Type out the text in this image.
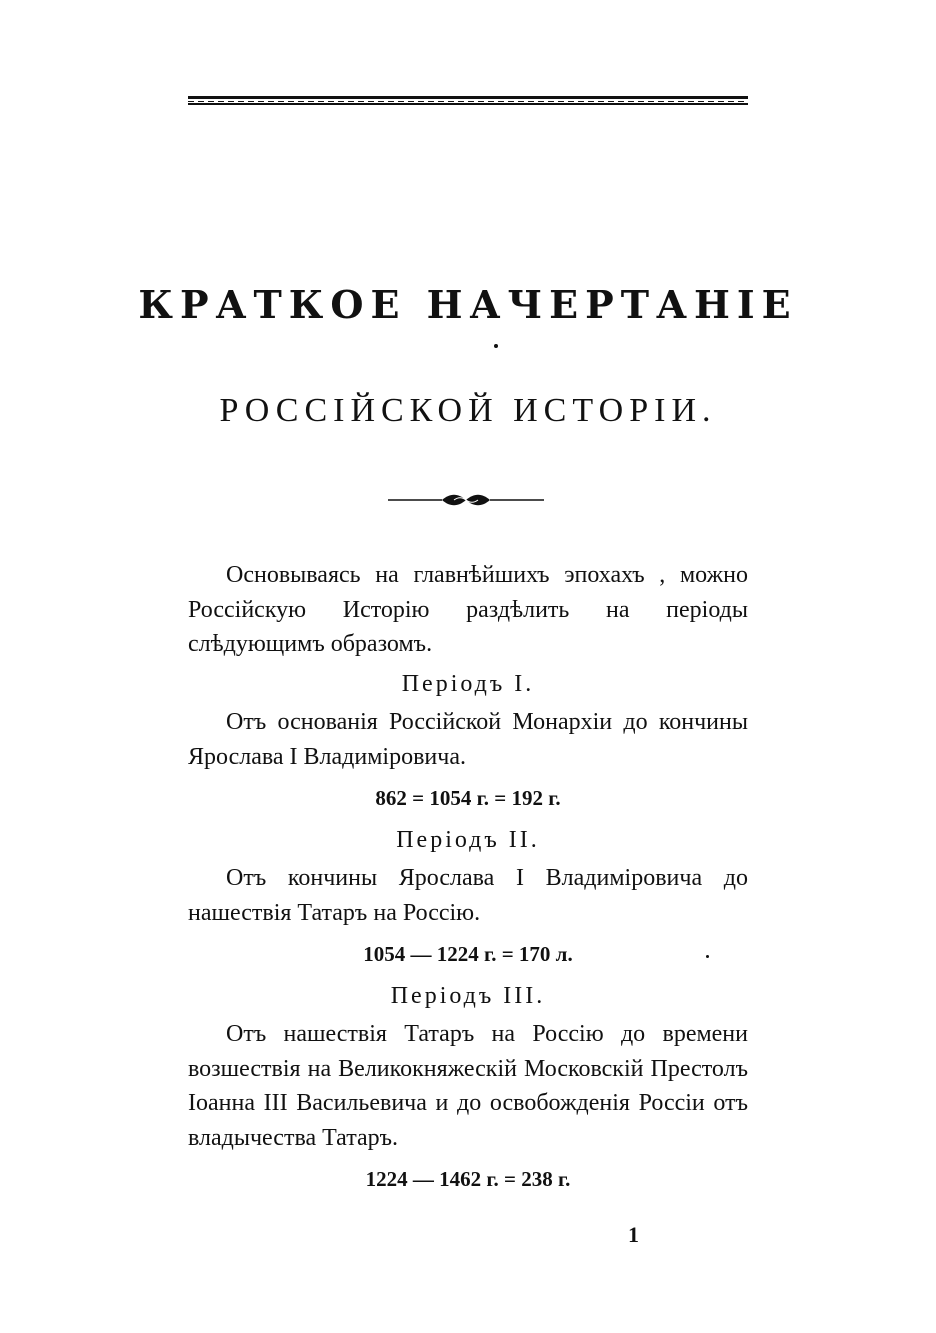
КРАТКОЕ НАЧЕРТАНІЕ
РОССІЙСКОЙ ИСТОРІИ.

Основываясь на главнѣйшихъ эпохахъ , можно Россійскую Исторію раздѣлить на періоды слѣдующимъ образомъ.

Періодъ I.

Отъ основанія Россійской Монархіи до кончины Ярослава I Владиміровича.

862 = 1054 г. = 192 г.
Періодъ II.

Отъ кончины Ярослава I Владиміровича до нашествія Татаръ на Россію.

1054 — 1224 г. = 170 л.
Періодъ III.

Отъ нашествія Татаръ на Россію до времени возшествія на Великокняжескій Московскій Престолъ Іоанна III Васильевича и до освобожденія Россіи отъ владычества Татаръ.

1224 — 1462 г. = 238 г.
1
